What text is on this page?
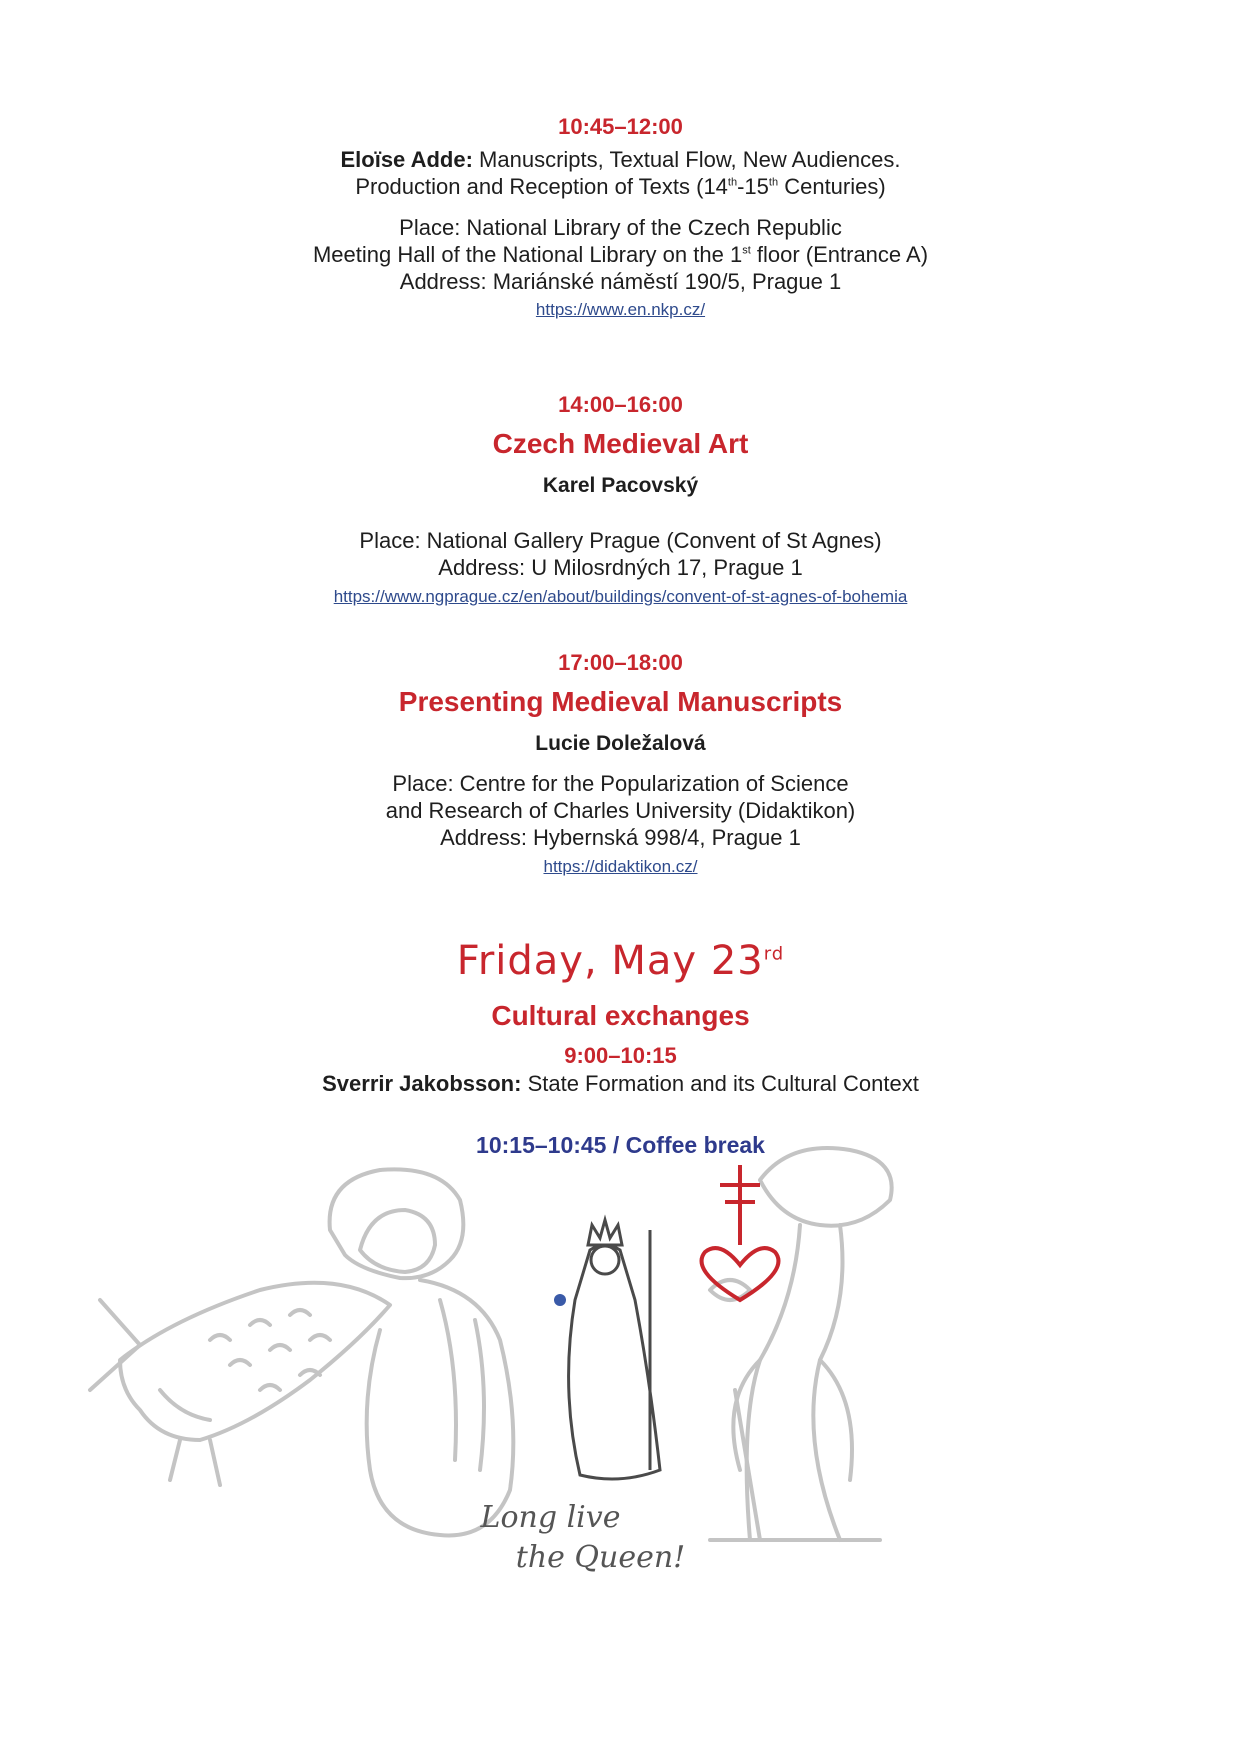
10:45–12:00
Eloïse Adde: Manuscripts, Textual Flow, New Audiences.
Production and Reception of Texts (14th-15th Centuries)
Place: National Library of the Czech Republic
Meeting Hall of the National Library on the 1st floor (Entrance A)
Address: Mariánské náměstí 190/5, Prague 1
https://www.en.nkp.cz/
14:00–16:00
Czech Medieval Art
Karel Pacovský
Place: National Gallery Prague (Convent of St Agnes)
Address: U Milosrdných 17, Prague 1
https://www.ngprague.cz/en/about/buildings/convent-of-st-agnes-of-bohemia
17:00–18:00
Presenting Medieval Manuscripts
Lucie Doležalová
Place: Centre for the Popularization of Science
and Research of Charles University (Didaktikon)
Address: Hybernská 998/4, Prague 1
https://didaktikon.cz/
Friday, May 23rd
Cultural exchanges
9:00–10:15
Sverrir Jakobsson: State Formation and its Cultural Context
10:15–10:45 / Coffee break
Long live
the Queen!
